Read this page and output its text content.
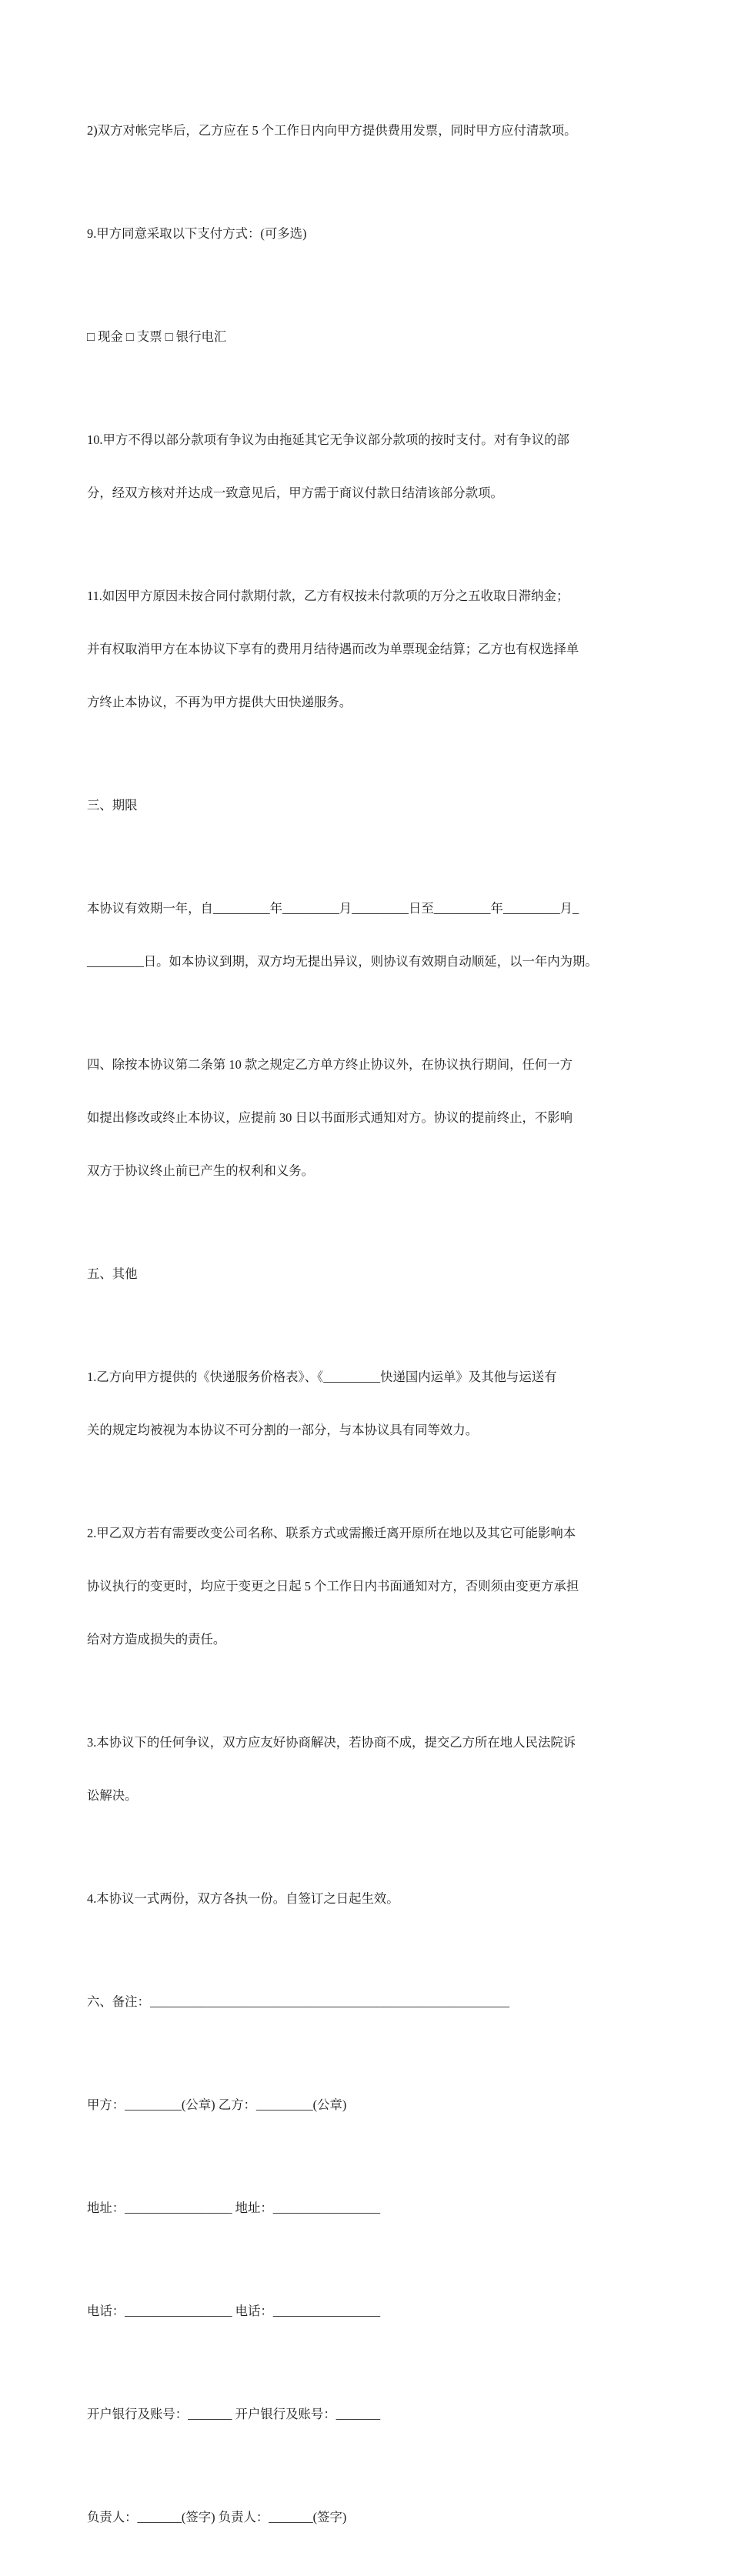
2)双方对帐完毕后，乙方应在 5 个工作日内向甲方提供费用发票，同时甲方应付清款项。

9.甲方同意采取以下支付方式：(可多选)

□ 现金 □ 支票 □ 银行电汇

10.甲方不得以部分款项有争议为由拖延其它无争议部分款项的按时支付。对有争议的部

分，经双方核对并达成一致意见后，甲方需于商议付款日结清该部分款项。

11.如因甲方原因未按合同付款期付款，乙方有权按未付款项的万分之五收取日滞纳金；

并有权取消甲方在本协议下享有的费用月结待遇而改为单票现金结算；乙方也有权选择单

方终止本协议，不再为甲方提供大田快递服务。

三、期限

本协议有效期一年，自_________年_________月_________日至_________年_________月_

_________日。如本协议到期，双方均无提出异议，则协议有效期自动顺延，以一年内为期。

四、除按本协议第二条第 10 款之规定乙方单方终止协议外，在协议执行期间，任何一方

如提出修改或终止本协议，应提前 30 日以书面形式通知对方。协议的提前终止，不影响

双方于协议终止前已产生的权利和义务。

五、其他

1.乙方向甲方提供的《快递服务价格表》、《_________快递国内运单》及其他与运送有

关的规定均被视为本协议不可分割的一部分，与本协议具有同等效力。

2.甲乙双方若有需要改变公司名称、联系方式或需搬迁离开原所在地以及其它可能影响本

协议执行的变更时，均应于变更之日起 5 个工作日内书面通知对方，否则须由变更方承担

给对方造成损失的责任。

3.本协议下的任何争议，双方应友好协商解决，若协商不成，提交乙方所在地人民法院诉

讼解决。

4.本协议一式两份，双方各执一份。自签订之日起生效。

六、备注：_________________________________________________________

甲方：_________(公章) 乙方：_________(公章)

地址：_________________ 地址：_________________

电话：_________________ 电话：_________________

开户银行及账号：_______ 开户银行及账号：_______

负责人：_______(签字) 负责人：_______(签字)
